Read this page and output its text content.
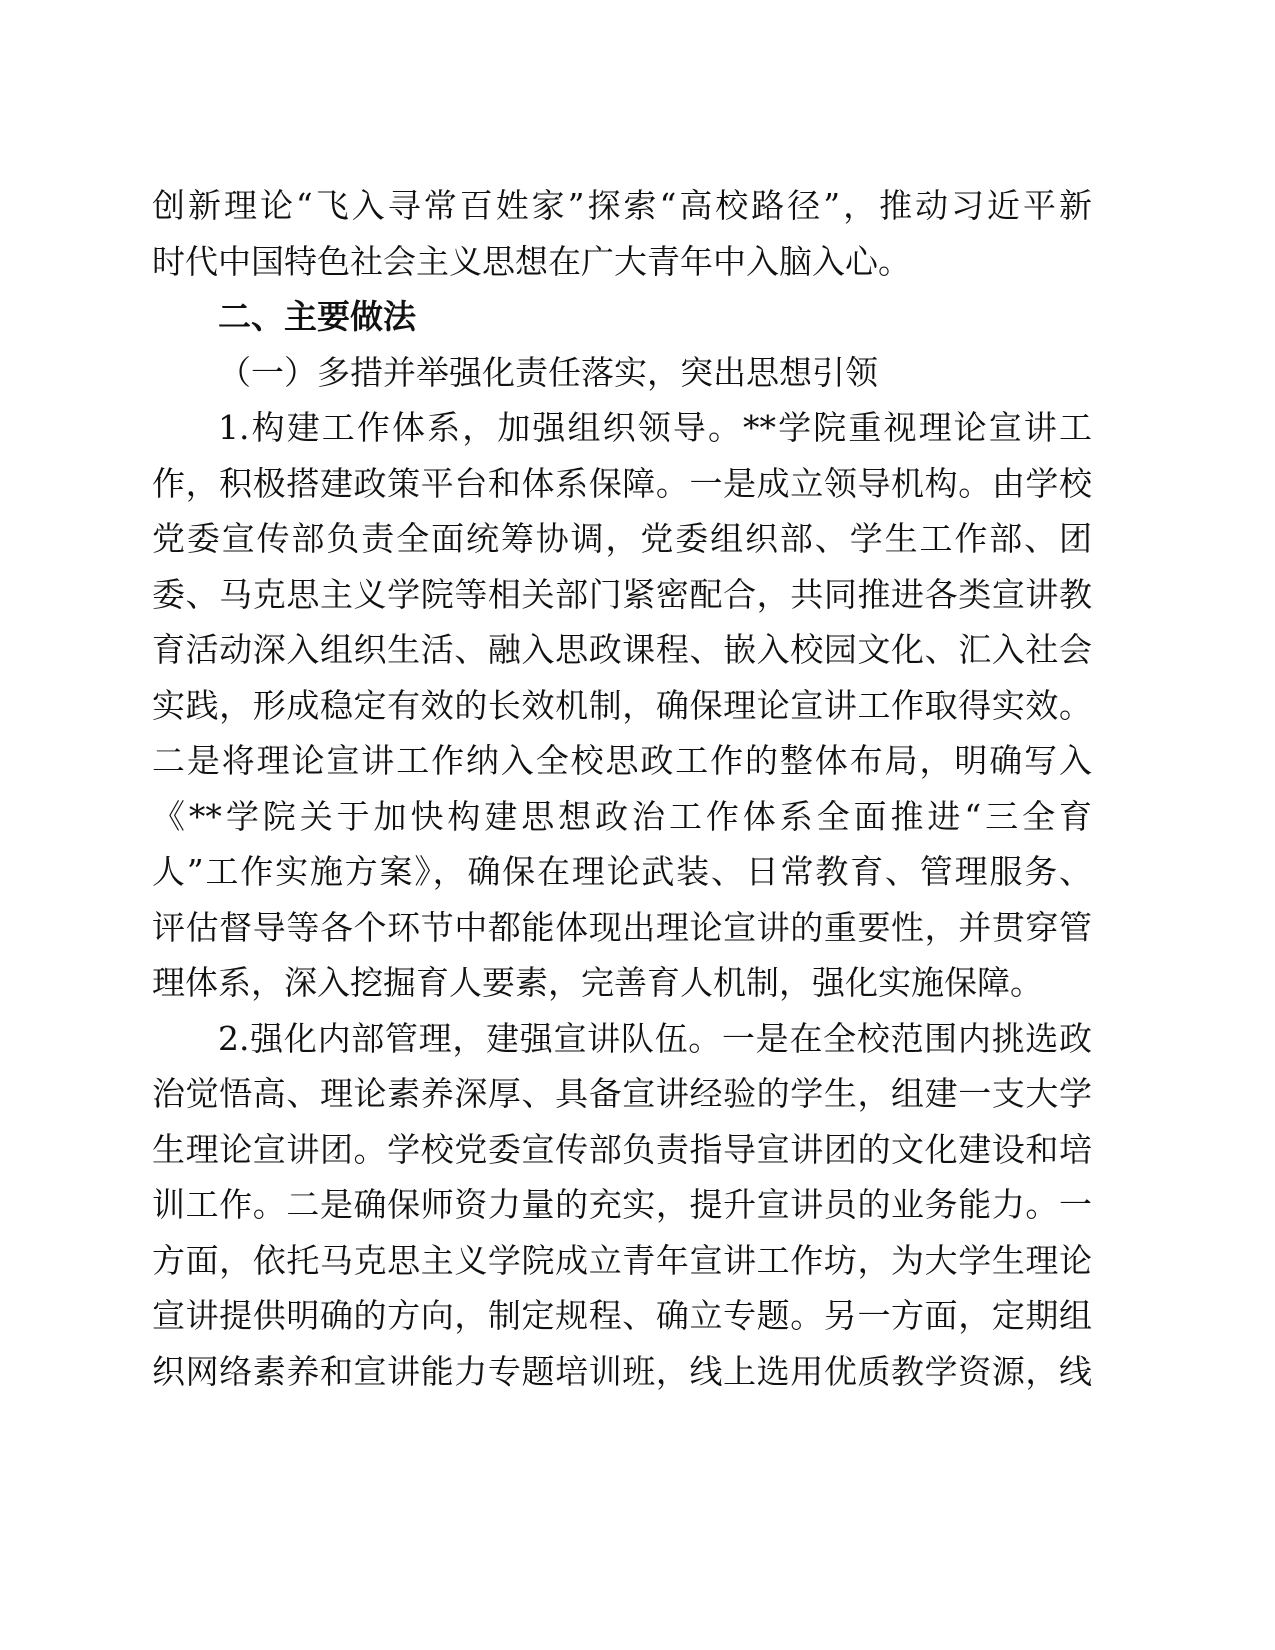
创新理论“飞入寻常百姓家”探索“高校路径”，推动习近平新
时代中国特色社会主义思想在广大青年中入脑入心。
二、主要做法
（一）多措并举强化责任落实，突出思想引领
1.构建工作体系，加强组织领导。**学院重视理论宣讲工
作，积极搭建政策平台和体系保障。一是成立领导机构。由学校
党委宣传部负责全面统筹协调，党委组织部、学生工作部、团
委、马克思主义学院等相关部门紧密配合，共同推进各类宣讲教
育活动深入组织生活、融入思政课程、嵌入校园文化、汇入社会
实践，形成稳定有效的长效机制，确保理论宣讲工作取得实效。
二是将理论宣讲工作纳入全校思政工作的整体布局，明确写入
《**学院关于加快构建思想政治工作体系全面推进“三全育
人”工作实施方案》，确保在理论武装、日常教育、管理服务、
评估督导等各个环节中都能体现出理论宣讲的重要性，并贯穿管
理体系，深入挖掘育人要素，完善育人机制，强化实施保障。
2.强化内部管理，建强宣讲队伍。一是在全校范围内挑选政
治觉悟高、理论素养深厚、具备宣讲经验的学生，组建一支大学
生理论宣讲团。学校党委宣传部负责指导宣讲团的文化建设和培
训工作。二是确保师资力量的充实，提升宣讲员的业务能力。一
方面，依托马克思主义学院成立青年宣讲工作坊，为大学生理论
宣讲提供明确的方向，制定规程、确立专题。另一方面，定期组
织网络素养和宣讲能力专题培训班，线上选用优质教学资源，线
